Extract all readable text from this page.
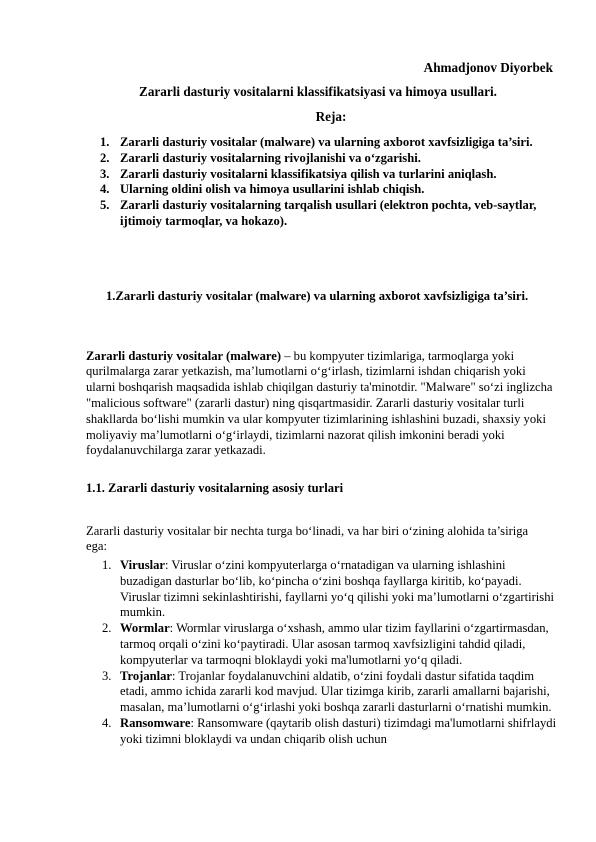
Ahmadjonov Diyorbek
Zararli dasturiy vositalarni klassifikatsiyasi va himoya usullari.
Reja:
1. Zararli dasturiy vositalar (malware) va ularning axborot xavfsizligiga ta’siri.
2. Zararli dasturiy vositalarning rivojlanishi va o‘zgarishi.
3. Zararli dasturiy vositalarni klassifikatsiya qilish va turlarini aniqlash.
4. Ularning oldini olish va himoya usullarini ishlab chiqish.
5. Zararli dasturiy vositalarning tarqalish usullari (elektron pochta, veb-saytlar, ijtimoiy tarmoqlar, va hokazo).
1.Zararli dasturiy vositalar (malware) va ularning axborot xavfsizligiga ta’siri.

Zararli dasturiy vositalar (malware) – bu kompyuter tizimlariga, tarmoqlarga yoki qurilmalarga zarar yetkazish, ma’lumotlarni o‘g‘irlash, tizimlarni ishdan chiqarish yoki ularni boshqarish maqsadida ishlab chiqilgan dasturiy ta'minotdir. "Malware" so‘zi inglizcha "malicious software" (zararli dastur) ning qisqartmasidir. Zararli dasturiy vositalar turli shakllarda bo‘lishi mumkin va ular kompyuter tizimlarining ishlashini buzadi, shaxsiy yoki moliyaviy ma’lumotlarni o‘g‘irlaydi, tizimlarni nazorat qilish imkonini beradi yoki foydalanuvchilarga zarar yetkazadi.

1.1. Zararli dasturiy vositalarning asosiy turlari

Zararli dasturiy vositalar bir nechta turga bo‘linadi, va har biri o‘zining alohida ta’siriga ega:

1. Viruslar: Viruslar o‘zini kompyuterlarga o‘rnatadigan va ularning ishlashini buzadigan dasturlar bo‘lib, ko‘pincha o‘zini boshqa fayllarga kiritib, ko‘payadi. Viruslar tizimni sekinlashtirishi, fayllarni yo‘q qilishi yoki ma’lumotlarni o‘zgartirishi mumkin.
2. Wormlar: Wormlar viruslarga o‘xshash, ammo ular tizim fayllarini o‘zgartirmasdan, tarmoq orqali o‘zini ko‘paytiradi. Ular asosan tarmoq xavfsizligini tahdid qiladi, kompyuterlar va tarmoqni bloklaydi yoki ma'lumotlarni yo‘q qiladi.
3. Trojanlar: Trojanlar foydalanuvchini aldatib, o‘zini foydali dastur sifatida taqdim etadi, ammo ichida zararli kod mavjud. Ular tizimga kirib, zararli amallarni bajarishi, masalan, ma’lumotlarni o‘g‘irlashi yoki boshqa zararli dasturlarni o‘rnatishi mumkin.
4. Ransomware: Ransomware (qaytarib olish dasturi) tizimdagi ma'lumotlarni shifrlaydi yoki tizimni bloklaydi va undan chiqarib olish uchun
